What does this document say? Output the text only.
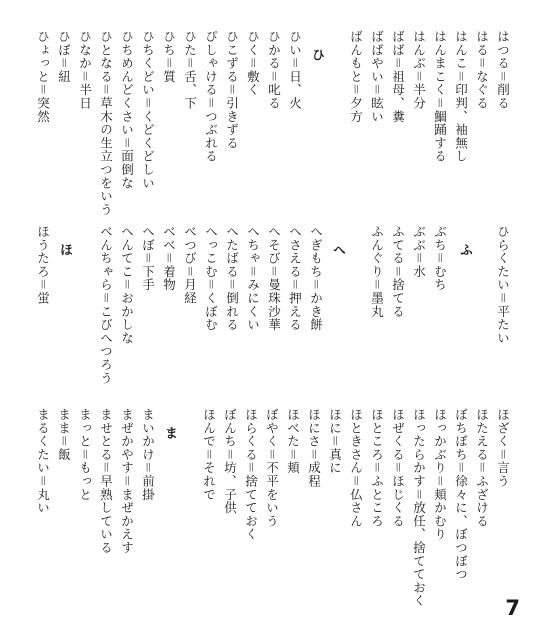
はつる＝削る
はる＝なぐる
はんこ＝印判、袖無し
はんまこく＝鯝踊する
はんぶ＝半分
ばば＝祖母、糞
ばばやい＝眩い
ばんもと＝夕方
ひ
ひい＝日、火
ひかる＝叱る
ひく＝敷く
ひこずる＝引きずる
ぴしゃける＝つぶれる
ひた＝舌、下
ひち＝質
ひちくどい＝くどくどしい
ひちめんどくさい＝面倒な
ひとなる＝草木の生立つをいう
ひなか＝半日
ひぼ＝紐
ひょっと＝突然
ひらくたい＝平たい
ふ
ぶち＝むち
ぶぶ＝水
ふてる＝捨てる
ふんぐり＝墨丸
へ
へぎもち＝かき餅
へさえる＝押える
へそび＝曼珠沙華
へちゃ＝みにくい
へたばる＝倒れる
へっこむ＝くぼむ
べつび＝月経
べべ＝着物
へぼ＝下手
へんてこ＝おかしな
べんちゃら＝こびへつろう
ほ
ほうたろ＝蛍
ほざく＝言う
ほたえる＝ふざける
ぼちぼち＝徐々に、ぼつぼつ
ほっかぶり＝頬かむり
ほったらかす＝放任、捨てておく
ほぜくる＝ほじくる
ほところ＝ふところ
ほときさん＝仏さん
ほに＝真に
ほにさ＝成程
ほべた＝頬
ぼやく＝不平をいう
ほらくる＝捨てておく
ぼんち＝坊、子供
ほんで＝それで
ま
まいかけ＝前掛
まぜかやす＝まぜかえす
ませとる＝早熟している
まっと＝もっと
まま＝飯
まるくたい＝丸い
7
